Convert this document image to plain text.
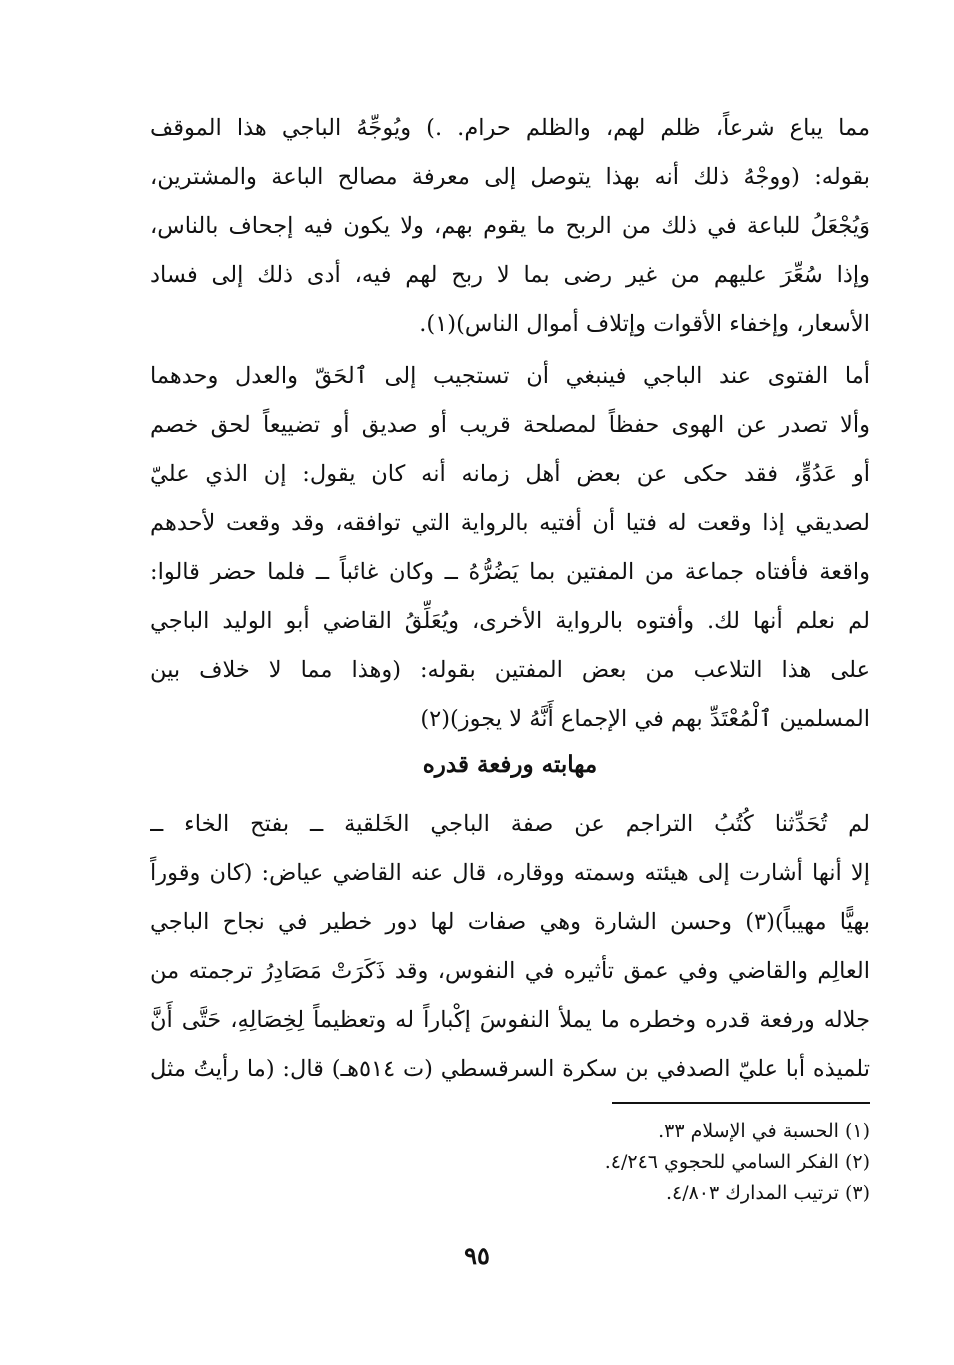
مما يباع شرعاً، ظلم لهم، والظلم حرام. .) ويُوجِّهُ الباجي هذا الموقف
بقوله: (ووجْهُ ذلك أنه بهذا يتوصل إلى معرفة مصالح الباعة والمشترين،
وَيُجْعَلُ للباعة في ذلك من الربح ما يقوم بهم، ولا يكون فيه إجحاف بالناس،
وإذا سُعِّرَ عليهم من غير رضى بما لا ربح لهم فيه، أدى ذلك إلى فساد
الأسعار، وإخفاء الأقوات وإتلاف أموال الناس)(١).
أما الفتوى عند الباجي فينبغي أن تستجيب إلى ٱلحَقّ والعدل وحدهما
وألا تصدر عن الهوى حفظاً لمصلحة قريب أو صديق أو تضييعاً لحق خصم
أو عَدُوٍّ، فقد حكى عن بعض أهل زمانه أنه كان يقول: إن الذي عليّ
لصديقي إذا وقعت له فتيا أن أفتيه بالرواية التي توافقه، وقد وقعت لأحدهم
واقعة فأفتاه جماعة من المفتين بما يَضُرُّهُ ــ وكان غائباً ــ فلما حضر قالوا:
لم نعلم أنها لك. وأفتوه بالرواية الأخرى، ويُعَلِّقُ القاضي أبو الوليد الباجي
على هذا التلاعب من بعض المفتين بقوله: (وهذا مما لا خلاف بين
المسلمين ٱلْمُعْتَدِّ بهم في الإجماع أَنَّهُ لا يجوز)(٢)
مهابته ورفعة قدره
لم تُحَدِّثنا كُتُبُ التراجم عن صفة الباجي الخَلقية ــ بفتح الخاء ــ
إلا أنها أشارت إلى هيئته وسمته ووقاره، قال عنه القاضي عياض: (كان وقوراً
بهيًّا مهيباً)(٣) وحسن الشارة وهي صفات لها دور خطير في نجاح الباجي
العالِم والقاضي وفي عمق تأثيره في النفوس، وقد ذَكَرَتْ مَصَادِرُ ترجمته من
جلاله ورفعة قدره وخطره ما يملأ النفوسَ إكْباراً له وتعظيماً لِخِصَالِهِ، حَتَّى أَنَّ
تلميذه أبا عليّ الصدفي بن سكرة السرقسطي (ت ٥١٤هـ) قال: (ما رأيتُ مثل
(١) الحسبة في الإسلام ٣٣.
(٢) الفكر السامي للحجوي ٤/٢٤٦.
(٣) ترتيب المدارك ٤/٨٠٣.
٩٥
